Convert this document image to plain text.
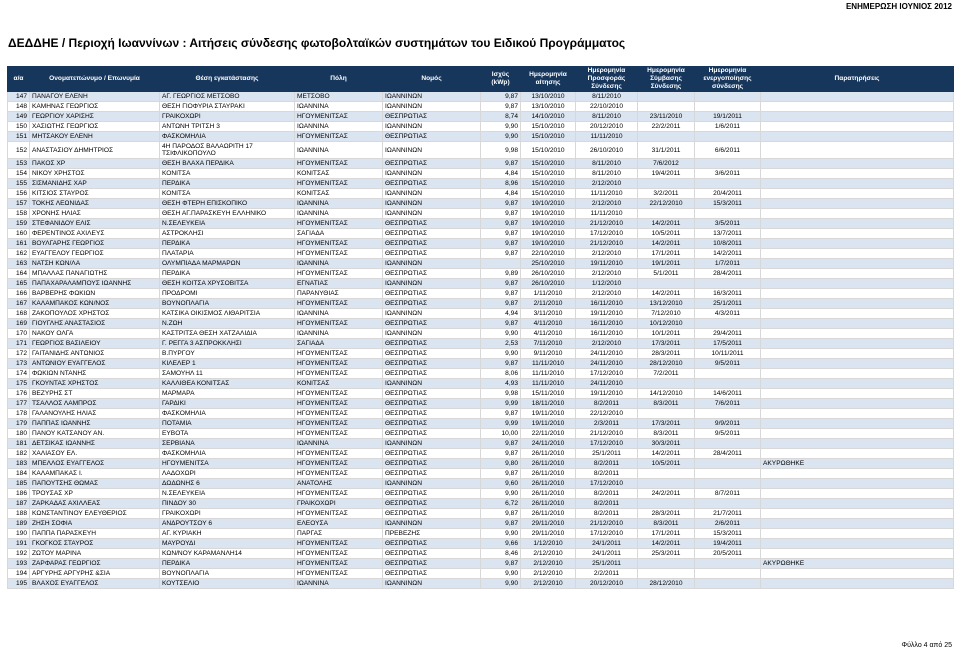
ΕΝΗΜΕΡΩΣΗ ΙΟΥΝΙΟΣ 2012
ΔΕΔΔΗΕ / Περιοχή Ιωαννίνων : Αιτήσεις σύνδεσης φωτοβολταϊκών συστημάτων του Ειδικού Προγράμματος
α/α	Ονοματεπώνυμο / Επωνυμία	Θέση εγκατάστασης	Πόλη	Νομός	Ισχύς (kWp)	Ημερομηνία αίτησης	Ημερομηνία Προσφοράς Σύνδεσης	Ημερομηνία Σύμβασης Σύνδεσης	Ημερομηνία ενεργοποίησης σύνδεσης	Παρατηρήσεις
147	ΠΑΝΑΓΟΥ ΕΛΕΝΗ	ΑΓ. ΓΕΩΡΓΙΟΣ ΜΕΤΣΟΒΟ	ΜΕΤΣΟΒΟ	ΙΩΑΝΝΙΝΩΝ	9,87	13/10/2010	8/11/2010			
148	ΚΑΜΗΝΑΣ ΓΕΩΡΓΙΟΣ	ΘΕΣΗ ΓΙΟΦΥΡΙΑ ΣΤΑΥΡΑΚΙ	ΙΩΑΝΝΙΝΑ	ΙΩΑΝΝΙΝΩΝ	9,87	13/10/2010	22/10/2010			
149	ΓΕΩΡΓΙΟΥ ΧΑΡΙΣΗΣ	ΓΡΑΙΚΟΧΩΡΙ	ΗΓΟΥΜΕΝΙΤΣΑΣ	ΘΕΣΠΡΩΤΙΑΣ	8,74	14/10/2010	8/11/2010	23/11/2010	19/1/2011	
150	ΧΑΣΙΩΤΗΣ ΓΕΩΡΓΙΟΣ	ΑΝΤΩΝΗ ΤΡΙΤΣΗ 3	ΙΩΑΝΝΙΝΑ	ΙΩΑΝΝΙΝΩΝ	9,90	15/10/2010	20/12/2010	22/2/2011	1/6/2011	
151	ΜΗΤΣΑΚΟΥ ΕΛΕΝΗ	ΦΑΣΚΟΜΗΛΙΑ	ΗΓΟΥΜΕΝΙΤΣΑΣ	ΘΕΣΠΡΩΤΙΑΣ	9,90	15/10/2010	11/11/2010			
152	ΑΝΑΣΤΑΣΙΟΥ ΔΗΜΗΤΡΙΟΣ	4Η ΠΑΡΟΔΟΣ ΒΑΛΑΩΡΙΤΗ 17 ΤΣΙΦΛΙΚΟΠΟΥΛΟ	ΙΩΑΝΝΙΝΑ	ΙΩΑΝΝΙΝΩΝ	9,98	15/10/2010	26/10/2010	31/1/2011	6/6/2011	
153	ΠΑΚΟΣ ΧΡ	ΘΕΣΗ ΒΛΑΧΑ ΠΕΡΔΙΚΑ	ΗΓΟΥΜΕΝΙΤΣΑΣ	ΘΕΣΠΡΩΤΙΑΣ	9,87	15/10/2010	8/11/2010	7/6/2012		
154	ΝΙΚΟΥ ΧΡΗΣΤΟΣ	ΚΟΝΙΤΣΑ	ΚΟΝΙΤΣΑΣ	ΙΩΑΝΝΙΝΩΝ	4,84	15/10/2010	8/11/2010	19/4/2011	3/6/2011	
155	ΣΙΣΜΑΝΙΔΗΣ ΧΑΡ	ΠΕΡΔΙΚΑ	ΗΓΟΥΜΕΝΙΤΣΑΣ	ΘΕΣΠΡΩΤΙΑΣ	8,96	15/10/2010	2/12/2010			
156	ΚΙΤΣΙΟΣ ΣΤΑΥΡΟΣ	ΚΟΝΙΤΣΑ	ΚΟΝΙΤΣΑΣ	ΙΩΑΝΝΙΝΩΝ	4,84	15/10/2010	11/11/2010	3/2/2011	20/4/2011	
157	ΤΟΚΗΣ ΛΕΩΝΙΔΑΣ	ΘΕΣΗ ΦΤΕΡΗ ΕΠΙΣΚΟΠΙΚΟ	ΙΩΑΝΝΙΝΑ	ΙΩΑΝΝΙΝΩΝ	9,87	19/10/2010	2/12/2010	22/12/2010	15/3/2011	
158	ΧΡΟΝΗΣ ΗΛΙΑΣ	ΘΕΣΗ ΑΓ.ΠΑΡΑΣΚΕΥΗ ΕΛΛΗΝΙΚΟ	ΙΩΑΝΝΙΝΑ	ΙΩΑΝΝΙΝΩΝ	9,87	19/10/2010	11/11/2010			
159	ΣΤΕΦΑΝΙΔΟΥ ΕΛΙΣ	Ν.ΣΕΛΕΥΚΕΙΑ	ΗΓΟΥΜΕΝΙΤΣΑΣ	ΘΕΣΠΡΩΤΙΑΣ	9,87	19/10/2010	21/12/2010	14/2/2011	3/5/2011	
160	ΦΕΡΕΝΤΙΝΟΣ ΑΧΙΛΕΥΣ	ΑΣΤΡΟΚΛΗΣΙ	ΣΑΓΙΑΔΑ	ΘΕΣΠΡΩΤΙΑΣ	9,87	19/10/2010	17/12/2010	10/5/2011	13/7/2011	
161	ΒΟΥΛΓΑΡΗΣ ΓΕΩΡΓΙΟΣ	ΠΕΡΔΙΚΑ	ΗΓΟΥΜΕΝΙΤΣΑΣ	ΘΕΣΠΡΩΤΙΑΣ	9,87	19/10/2010	21/12/2010	14/2/2011	10/8/2011	
162	ΕΥΑΓΓΕΛΟΥ ΓΕΩΡΓΙΟΣ	ΠΛΑΤΑΡΙΑ	ΗΓΟΥΜΕΝΙΤΣΑΣ	ΘΕΣΠΡΩΤΙΑΣ	9,87	22/10/2010	2/12/2010	17/1/2011	14/2/2011	
163	ΝΑΤΣΗ ΚΩΝ/ΛΑ	ΟΛΥΜΠΙΑΔΑ ΜΑΡΜΑΡΩΝ	ΙΩΑΝΝΙΝΑ	ΙΩΑΝΝΙΝΩΝ		25/10/2010	19/11/2010	19/1/2011	1/7/2011	
164	ΜΠΑΛΛΑΣ ΠΑΝΑΓΙΩΤΗΣ	ΠΕΡΔΙΚΑ	ΗΓΟΥΜΕΝΙΤΣΑΣ	ΘΕΣΠΡΩΤΙΑΣ	9,89	26/10/2010	2/12/2010	5/1/2011	28/4/2011	
165	ΠΑΠΑΧΑΡΑΛΑΜΠΟΥΣ ΙΩΑΝΝΗΣ	ΘΕΣΗ ΚΟΙΤΣΑ ΧΡΥΣΟΒΙΤΣΑ	ΕΓΝΑΤΙΑΣ	ΙΩΑΝΝΙΝΩΝ	9,87	26/10/2010	1/12/2010			
166	ΒΑΡΒΕΡΗΣ ΦΩΚΙΩΝ	ΠΡΟΔΡΟΜΙ	ΠΑΡΑΝΥΘΙΑΣ	ΘΕΣΠΡΩΤΙΑΣ	9,87	1/11/2010	2/12/2010	14/2/2011	16/3/2011	
167	ΚΑΛΑΜΠΑΚΟΣ ΚΩΝ/ΝΟΣ	ΒΟΥΝΟΠΛΑΓΙΑ	ΗΓΟΥΜΕΝΙΤΣΑΣ	ΘΕΣΠΡΩΤΙΑΣ	9,87	2/11/2010	16/11/2010	13/12/2010	25/1/2011	
168	ΖΑΚΟΠΟΥΛΟΣ ΧΡΗΣΤΟΣ	ΚΑΤΣΙΚΑ ΟΙΚΙΣΜΟΣ ΛΙΘΑΡΙΤΣΙΑ	ΙΩΑΝΝΙΝΑ	ΙΩΑΝΝΙΝΩΝ	4,94	3/11/2010	19/11/2010	7/12/2010	4/3/2011	
169	ΓΙΟΥΓΛΗΣ ΑΝΑΣΤΑΣΙΟΣ	Ν.ΖΩΗ	ΗΓΟΥΜΕΝΙΤΣΑΣ	ΘΕΣΠΡΩΤΙΑΣ	9,87	4/11/2010	16/11/2010	10/12/2010		
170	ΝΑΚΟΥ ΟΛΓΑ	ΚΑΣΤΡΙΤΣΑ ΘΕΣΗ ΧΑΤΖΑΛΙΔΙΑ	ΙΩΑΝΝΙΝΑ	ΙΩΑΝΝΙΝΩΝ	9,90	4/11/2010	16/11/2010	10/1/2011	29/4/2011	
171	ΓΕΩΡΓΙΟΣ ΒΑΣΙΛΕΙΟΥ	Γ. ΡΕΓΓΑ 3 ΑΣΠΡΟΚΚΛΗΣΙ	ΣΑΓΙΑΔΑ	ΘΕΣΠΡΩΤΙΑΣ	2,53	7/11/2010	2/12/2010	17/3/2011	17/5/2011	
172	ΓΑΙΤΑΝΙΔΗΣ ΑΝΤΩΝΙΟΣ	Β.ΠΥΡΓΟΥ	ΗΓΟΥΜΕΝΙΤΣΑΣ	ΘΕΣΠΡΩΤΙΑΣ	9,90	9/11/2010	24/11/2010	28/3/2011	10/11/2011	
173	ΑΝΤΩΝΙΟΥ ΕΥΑΓΓΕΛΟΣ	ΚΙΛΕΛΕΡ 1	ΗΓΟΥΜΕΝΙΤΣΑΣ	ΘΕΣΠΡΩΤΙΑΣ	9,87	11/11/2010	24/11/2010	28/12/2010	9/5/2011	
174	ΦΩΚΙΩΝ ΝΤΑΝΗΣ	ΣΑΜΟΥΗΛ 11	ΗΓΟΥΜΕΝΙΤΣΑΣ	ΘΕΣΠΡΩΤΙΑΣ	8,06	11/11/2010	17/12/2010	7/2/2011		
175	ΓΚΟΥΝΤΑΣ ΧΡΗΣΤΟΣ	ΚΑΛΛΙΘΕΑ ΚΟΝΙΤΣΑΣ	ΚΟΝΙΤΣΑΣ	ΙΩΑΝΝΙΝΩΝ	4,93	11/11/2010	24/11/2010			
176	ΒΕΖΥΡΗΣ ΣΤ	ΜΑΡΜΑΡΑ	ΗΓΟΥΜΕΝΙΤΣΑΣ	ΘΕΣΠΡΩΤΙΑΣ	9,98	15/11/2010	19/11/2010	14/12/2010	14/6/2011	
177	ΤΣΑΛΛΟΣ ΛΑΜΠΡΟΣ	ΓΑΡΔΙΚΙ	ΗΓΟΥΜΕΝΙΤΣΑΣ	ΘΕΣΠΡΩΤΙΑΣ	9,99	18/11/2010	8/2/2011	8/3/2011	7/6/2011	
178	ΓΑΛΑΝΟΥΛΗΣ ΗΛΙΑΣ	ΦΑΣΚΟΜΗΛΙΑ	ΗΓΟΥΜΕΝΙΤΣΑΣ	ΘΕΣΠΡΩΤΙΑΣ	9,87	19/11/2010	22/12/2010			
179	ΠΑΠΠΑΣ ΙΩΑΝΝΗΣ	ΠΟΤΑΜΙΑ	ΗΓΟΥΜΕΝΙΤΣΑΣ	ΘΕΣΠΡΩΤΙΑΣ	9,99	19/11/2010	2/3/2011	17/3/2011	9/9/2011	
180	ΠΑΝΟΥ ΚΑΤΣΑΝΟΥ ΑΝ.	ΕΥΒΟΤΑ	ΗΓΟΥΜΕΝΙΤΣΑΣ	ΘΕΣΠΡΩΤΙΑΣ	10,00	22/11/2010	21/12/2010	8/3/2011	9/5/2011	
181	ΔΕΤΣΙΚΑΣ ΙΩΑΝΝΗΣ	ΣΕΡΒΙΑΝΑ	ΙΩΑΝΝΙΝΑ	ΙΩΑΝΝΙΝΩΝ	9,87	24/11/2010	17/12/2010	30/3/2011		
182	ΧΑΛΙΑΣΟΥ ΕΛ.	ΦΑΣΚΟΜΗΛΙΑ	ΗΓΟΥΜΕΝΙΤΣΑΣ	ΘΕΣΠΡΩΤΙΑΣ	9,87	26/11/2010	25/1/2011	14/2/2011	28/4/2011	
183	ΜΠΕΛΛΟΣ ΕΥΑΓΓΕΛΟΣ	ΗΓΟΥΜΕΝΙΤΣΑ	ΗΓΟΥΜΕΝΙΤΣΑΣ	ΘΕΣΠΡΩΤΙΑΣ	9,80	26/11/2010	8/2/2011	10/5/2011		ΑΚΥΡΩΘΗΚΕ
184	ΚΑΛΑΜΠΑΚΑΣ Ι.	ΛΑΔΟΧΩΡΙ	ΗΓΟΥΜΕΝΙΤΣΑΣ	ΘΕΣΠΡΩΤΙΑΣ	9,87	26/11/2010	8/2/2011			
185	ΠΑΠΟΥΤΣΗΣ ΘΩΜΑΣ	ΔΩΔΩΝΗΣ 6	ΑΝΑΤΟΛΗΣ	ΙΩΑΝΝΙΝΩΝ	9,60	26/11/2010	17/12/2010			
186	ΤΡΟΥΣΑΣ ΧΡ	Ν.ΣΕΛΕΥΚΕΙΑ	ΗΓΟΥΜΕΝΙΤΣΑΣ	ΘΕΣΠΡΩΤΙΑΣ	9,90	26/11/2010	8/2/2011	24/2/2011	8/7/2011	
187	ΖΑΡΚΑΔΑΣ ΑΧΙΛΛΕΑΣ	ΠΙΝΔΟΥ 30	ΓΡΑΙΚΟΧΩΡΙ	ΘΕΣΠΡΩΤΙΑΣ	6,72	26/11/2010	8/2/2011			
188	ΚΩΝΣΤΑΝΤΙΝΟΥ ΕΛΕΥΘΕΡΙΟΣ	ΓΡΑΙΚΟΧΩΡΙ	ΗΓΟΥΜΕΝΙΤΣΑΣ	ΘΕΣΠΡΩΤΙΑΣ	9,87	26/11/2010	8/2/2011	28/3/2011	21/7/2011	
189	ΖΗΣΗ ΣΟΦΙΑ	ΑΝΔΡΟΥΤΣΟΥ 6	ΕΛΕΟΥΣΑ	ΙΩΑΝΝΙΝΩΝ	9,87	29/11/2010	21/12/2010	8/3/2011	2/6/2011	
190	ΠΑΠΠΑ ΠΑΡΑΣΚΕΥΗ	ΑΓ. ΚΥΡΙΑΚΗ	ΠΑΡΓΑΣ	ΠΡΕΒΕΖΗΣ	9,90	29/11/2010	17/12/2010	17/1/2011	15/3/2011	
191	ΓΚΟΓΚΟΣ ΣΤΑΥΡΟΣ	ΜΑΥΡΟΥΔΙ	ΗΓΟΥΜΕΝΙΤΣΑΣ	ΘΕΣΠΡΩΤΙΑΣ	9,66	1/12/2010	24/1/2011	14/2/2011	19/4/2011	
192	ΖΩΤΟΥ ΜΑΡΙΝΑ	ΚΩΝ/ΝΟΥ ΚΑΡΑΜΑΝΛΗ14	ΗΓΟΥΜΕΝΙΤΣΑΣ	ΘΕΣΠΡΩΤΙΑΣ	8,46	2/12/2010	24/1/2011	25/3/2011	20/5/2011	
193	ΖΑΡΦΑΡΑΣ ΓΕΩΡΓΙΟΣ	ΠΕΡΔΙΚΑ	ΗΓΟΥΜΕΝΙΤΣΑΣ	ΘΕΣΠΡΩΤΙΑΣ	9,87	2/12/2010	25/1/2011			ΑΚΥΡΩΘΗΚΕ
194	ΑΡΓΥΡΗΣ ΑΡΓΥΡΗΣ &ΣΙΑ	ΒΟΥΝΟΠΛΑΓΙΑ	ΗΓΟΥΜΕΝΙΤΣΑΣ	ΘΕΣΠΡΩΤΙΑΣ	9,90	2/12/2010	2/2/2011			
195	ΒΛΑΧΟΣ ΕΥΑΓΓΕΛΟΣ	ΚΟΥΤΣΕΛΙΟ	ΙΩΑΝΝΙΝΑ	ΙΩΑΝΝΙΝΩΝ	9,90	2/12/2010	20/12/2010	28/12/2010		
Φύλλο 4 από 25
